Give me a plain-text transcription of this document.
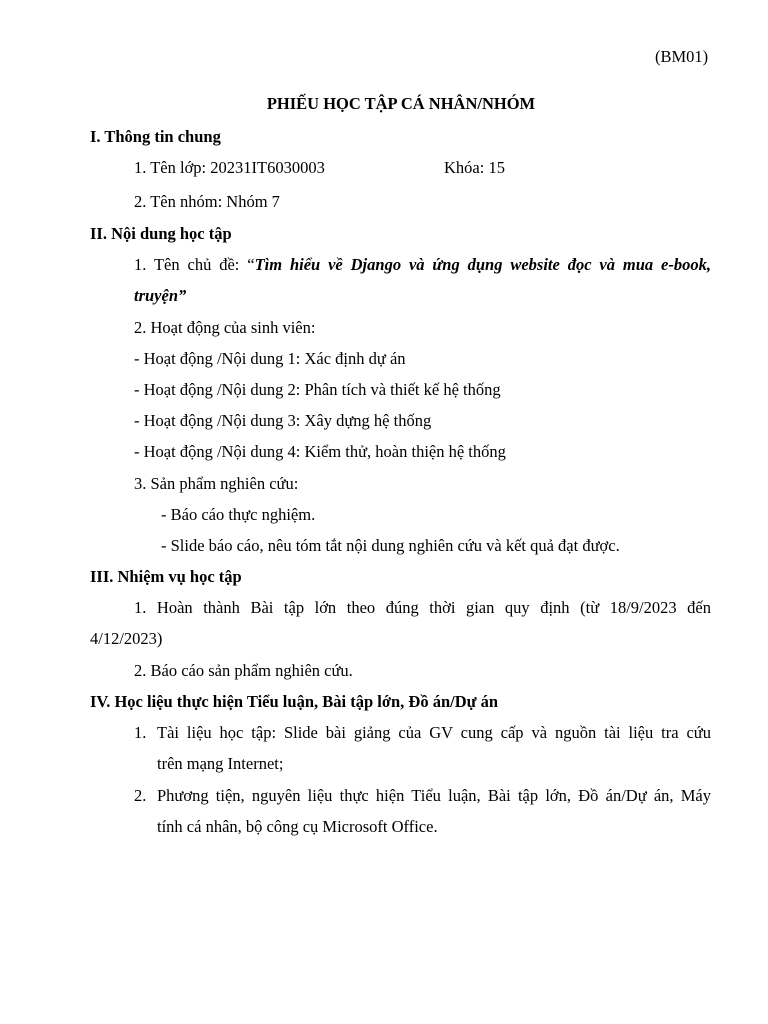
(BM01)
PHIẾU HỌC TẬP CÁ NHÂN/NHÓM
I. Thông tin chung
1. Tên lớp: 20231IT6030003	Khóa: 15
2. Tên nhóm: Nhóm 7
II. Nội dung học tập
1. Tên chủ đề: “Tìm hiểu về Django và ứng dụng website đọc và mua e-book,
truyện”
2. Hoạt động của sinh viên:
- Hoạt động /Nội dung 1: Xác định dự án
- Hoạt động /Nội dung 2: Phân tích và thiết kế hệ thống
- Hoạt động /Nội dung 3: Xây dựng hệ thống
- Hoạt động /Nội dung 4: Kiểm thử, hoàn thiện hệ thống
3. Sản phẩm nghiên cứu:
- Báo cáo thực nghiệm.
- Slide báo cáo, nêu tóm tắt nội dung nghiên cứu và kết quả đạt được.
III. Nhiệm vụ học tập
1. Hoàn thành Bài tập lớn theo đúng thời gian quy định (từ 18/9/2023 đến
4/12/2023)
2. Báo cáo sản phẩm nghiên cứu.
IV. Học liệu thực hiện Tiểu luận, Bài tập lớn, Đồ án/Dự án
1. Tài liệu học tập: Slide bài giảng của GV cung cấp và nguồn tài liệu tra cứu
trên mạng Internet;
2. Phương tiện, nguyên liệu thực hiện Tiểu luận, Bài tập lớn, Đồ án/Dự án, Máy
tính cá nhân, bộ công cụ Microsoft Office.
